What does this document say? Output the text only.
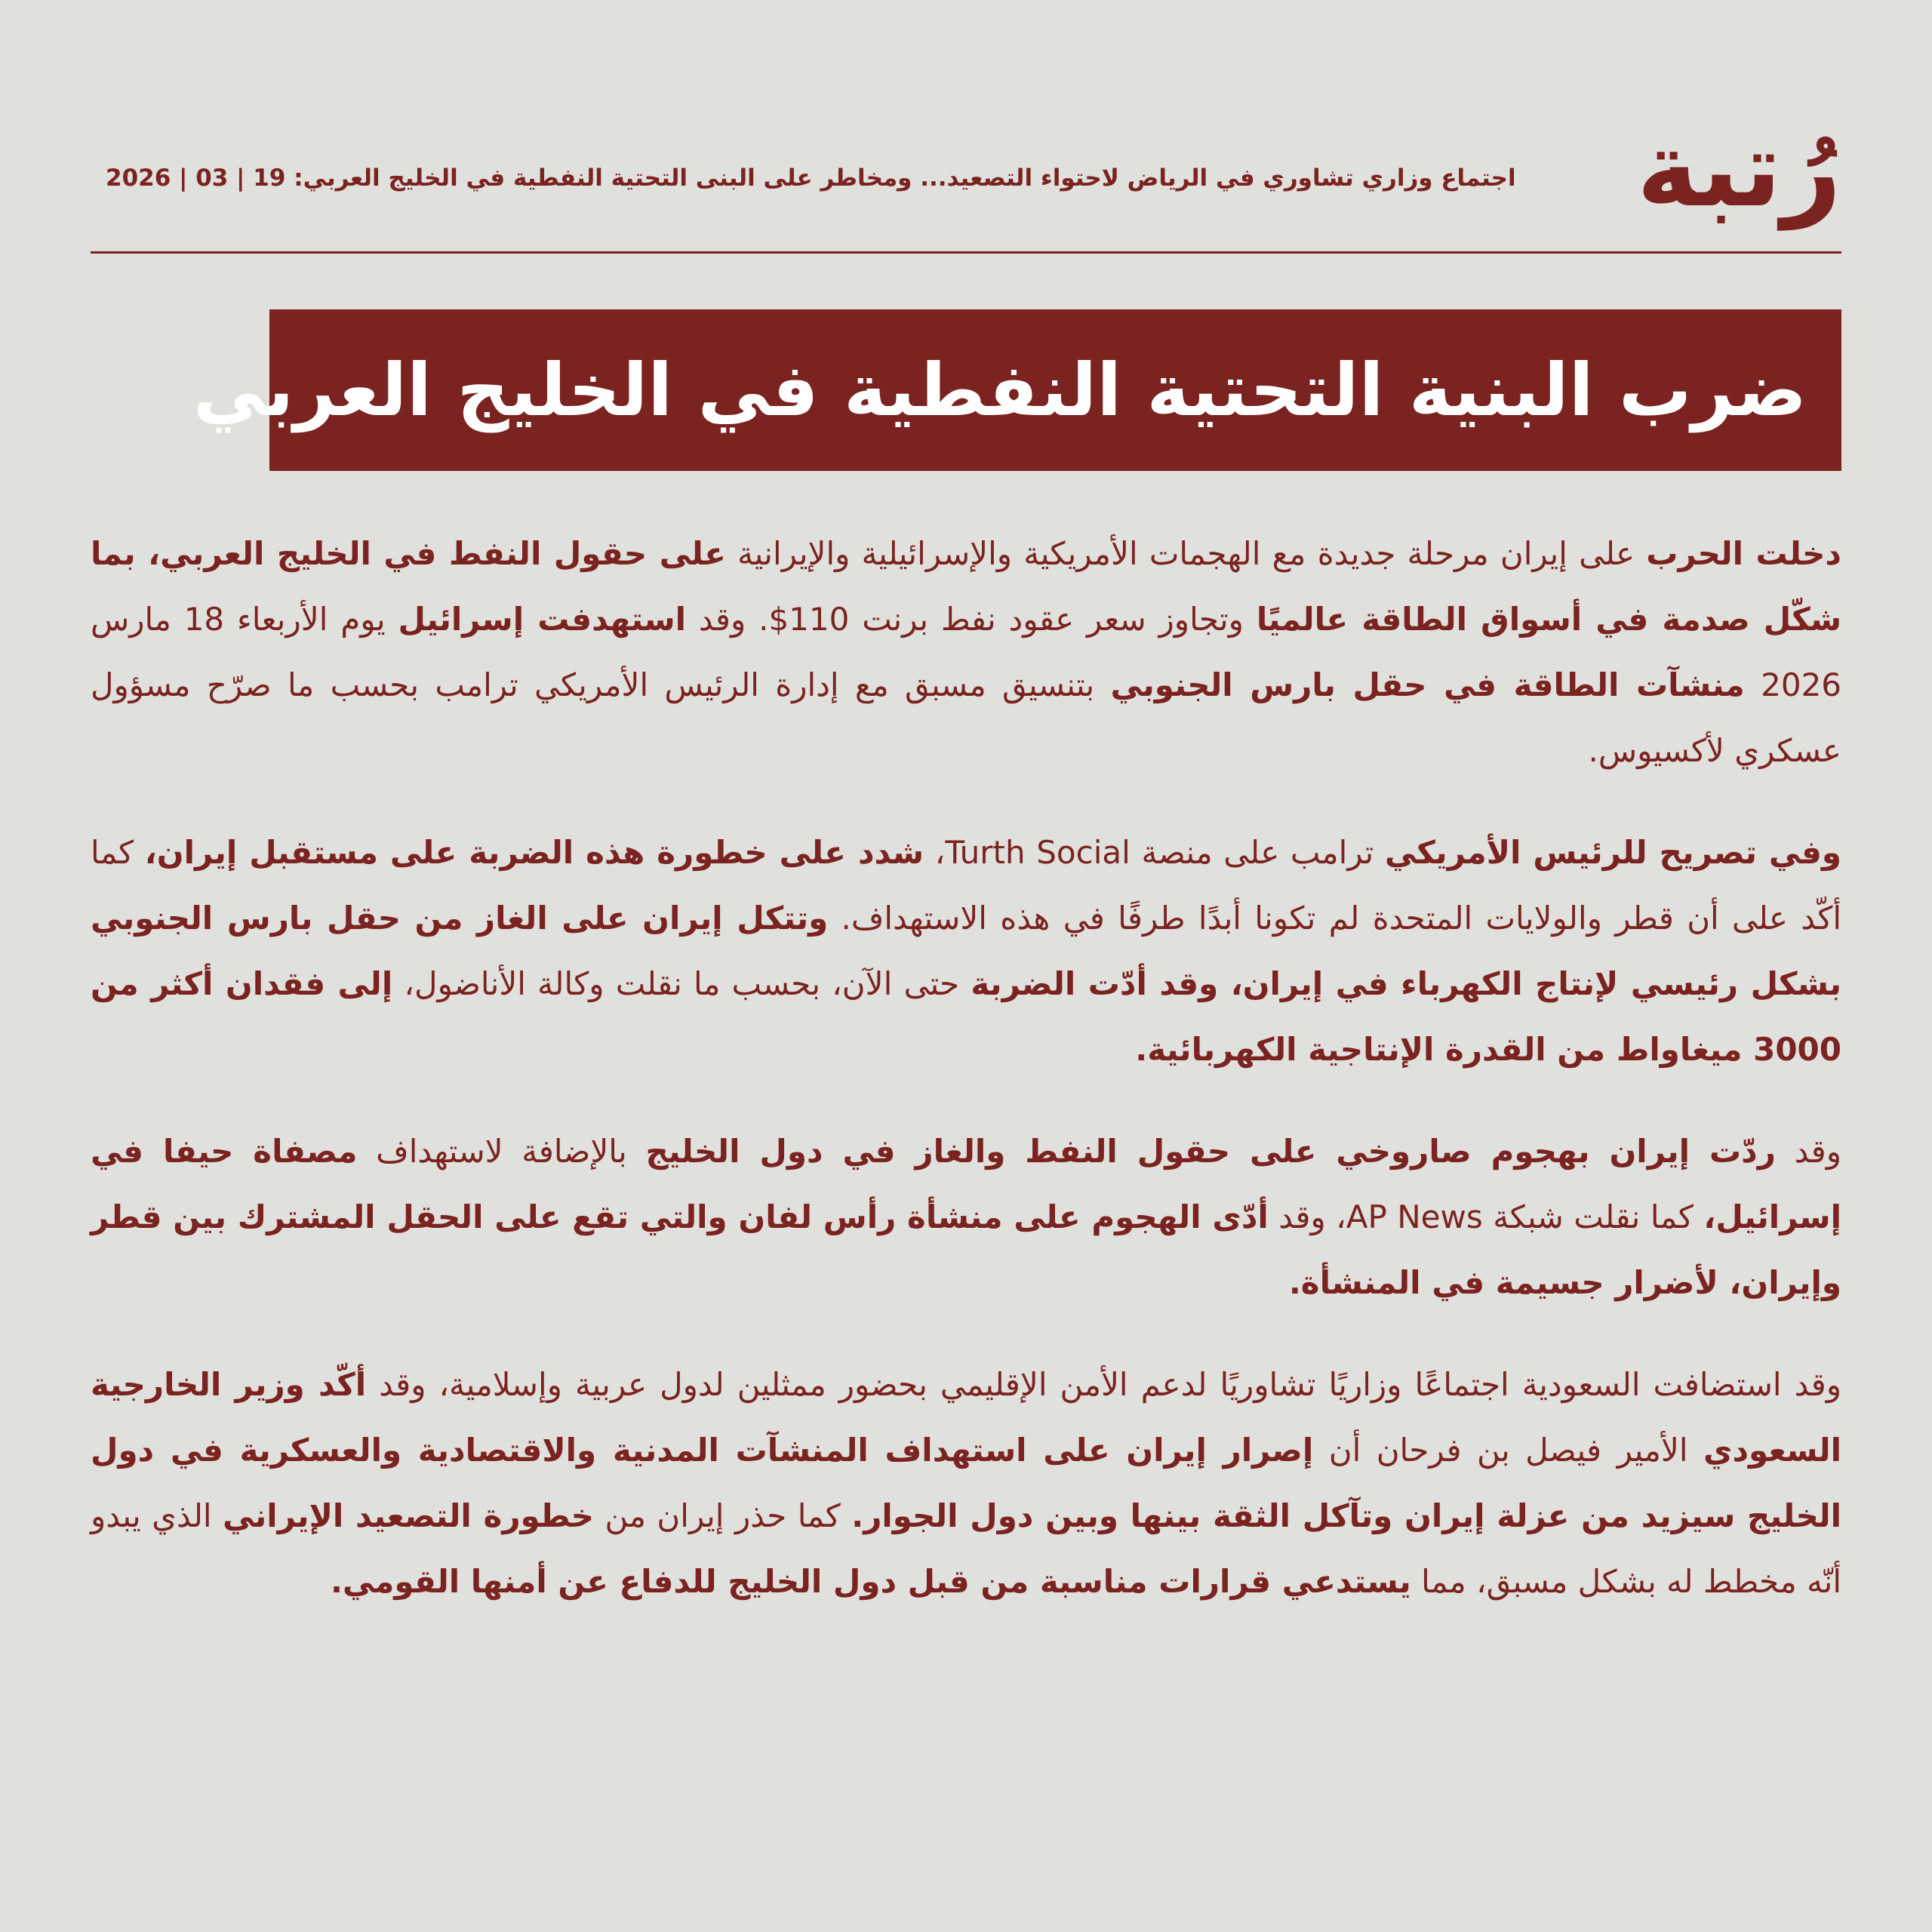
رُتبة
اجتماع وزاري تشاوري في الرياض لاحتواء التصعيد... ومخاطر على البنى التحتية النفطية في الخليج العربي: 19 | 03 | 2026
ضرب البنية التحتية النفطية في الخليج العربي

دخلت الحرب على إيران مرحلة جديدة مع الهجمات الأمريكية والإسرائيلية والإيرانية على حقول النفط في الخليج العربي، بما شكّل صدمة في أسواق الطاقة عالميًا وتجاوز سعر عقود نفط برنت 110$. وقد استهدفت إسرائيل يوم الأربعاء 18 مارس 2026 منشآت الطاقة في حقل بارس الجنوبي بتنسيق مسبق مع إدارة الرئيس الأمريكي ترامب بحسب ما صرّح مسؤول عسكري لأكسيوس.

وفي تصريح للرئيس الأمريكي ترامب على منصة Turth Social، شدد على خطورة هذه الضربة على مستقبل إيران، كما أكّد على أن قطر والولايات المتحدة لم تكونا أبدًا طرفًا في هذه الاستهداف. وتتكل إيران على الغاز من حقل بارس الجنوبي بشكل رئيسي لإنتاج الكهرباء في إيران، وقد أدّت الضربة حتى الآن، بحسب ما نقلت وكالة الأناضول، إلى فقدان أكثر من 3000 ميغاواط من القدرة الإنتاجية الكهربائية.

وقد ردّت إيران بهجوم صاروخي على حقول النفط والغاز في دول الخليج بالإضافة لاستهداف مصفاة حيفا في إسرائيل، كما نقلت شبكة AP News، وقد أدّى الهجوم على منشأة رأس لفان والتي تقع على الحقل المشترك بين قطر وإيران، لأضرار جسيمة في المنشأة.

وقد استضافت السعودية اجتماعًا وزاريًا تشاوريًا لدعم الأمن الإقليمي بحضور ممثلين لدول عربية وإسلامية، وقد أكّد وزير الخارجية السعودي الأمير فيصل بن فرحان أن إصرار إيران على استهداف المنشآت المدنية والاقتصادية والعسكرية في دول الخليج سيزيد من عزلة إيران وتآكل الثقة بينها وبين دول الجوار. كما حذر إيران من خطورة التصعيد الإيراني الذي يبدو أنّه مخطط له بشكل مسبق، مما يستدعي قرارات مناسبة من قبل دول الخليج للدفاع عن أمنها القومي.
